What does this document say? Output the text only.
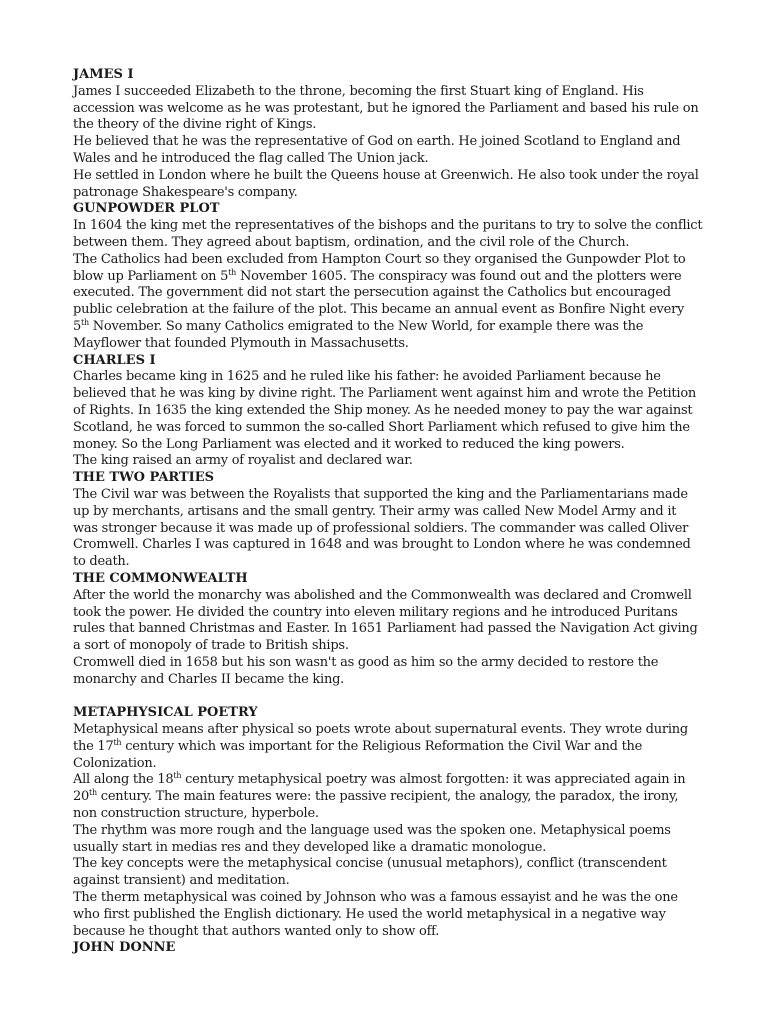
JAMES I

James I succeeded Elizabeth to the throne, becoming the first Stuart king of England. His accession was welcome as he was protestant, but he ignored the Parliament and based his rule on the theory of the divine right of Kings.

He believed that he was the representative of God on earth. He joined Scotland to England and Wales and he introduced the flag called The Union jack.

He settled in London where he built the Queens house at Greenwich. He also took under the royal patronage Shakespeare's company.

GUNPOWDER PLOT

In 1604 the king met the representatives of the bishops and the puritans to try to solve the conflict between them. They agreed about baptism, ordination, and the civil role of the Church.

The Catholics had been excluded from Hampton Court so they organised the Gunpowder Plot to blow up Parliament on 5th November 1605. The conspiracy was found out and the plotters were executed. The government did not start the persecution against the Catholics but encouraged public celebration at the failure of the plot. This became an annual event as Bonfire Night every 5th November. So many Catholics emigrated to the New World, for example there was the Mayflower that founded Plymouth in Massachusetts.

CHARLES I

Charles became king in 1625 and he ruled like his father: he avoided Parliament because he believed that he was king by divine right. The Parliament went against him and wrote the Petition of Rights. In 1635 the king extended the Ship money. As he needed money to pay the war against Scotland, he was forced to summon the so-called Short Parliament which refused to give him the money. So the Long Parliament was elected and it worked to reduced the king powers.

The king raised an army of royalist and declared war.

THE TWO PARTIES

The Civil war was between the Royalists that supported the king and the Parliamentarians made up by merchants, artisans and the small gentry. Their army was called New Model Army and it was stronger because it was made up of professional soldiers. The commander was called Oliver Cromwell. Charles I was captured in 1648 and was brought to London where he was condemned to death.

THE COMMONWEALTH

After the world the monarchy was abolished and the Commonwealth was declared and Cromwell took the power. He divided the country into eleven military regions and he introduced Puritans rules that banned Christmas and Easter. In 1651 Parliament had passed the Navigation Act giving a sort of monopoly of trade to British ships.

Cromwell died in 1658 but his son wasn't as good as him so the army decided to restore the monarchy and Charles II became the king.

METAPHYSICAL POETRY

Metaphysical means after physical so poets wrote about supernatural events. They wrote during the 17th century which was important for the Religious Reformation the Civil War and the Colonization.

All along the 18th century metaphysical poetry was almost forgotten: it was appreciated again in 20th century. The main features were: the passive recipient, the analogy, the paradox, the irony, non construction structure, hyperbole.

The rhythm was more rough and the language used was the spoken one. Metaphysical poems usually start in medias res and they developed like a dramatic monologue.

The key concepts were the metaphysical concise (unusual metaphors), conflict (transcendent against transient) and meditation.

The therm metaphysical was coined by Johnson who was a famous essayist and he was the one who first published the English dictionary. He used the world metaphysical in a negative way because he thought that authors wanted only to show off.

JOHN DONNE
